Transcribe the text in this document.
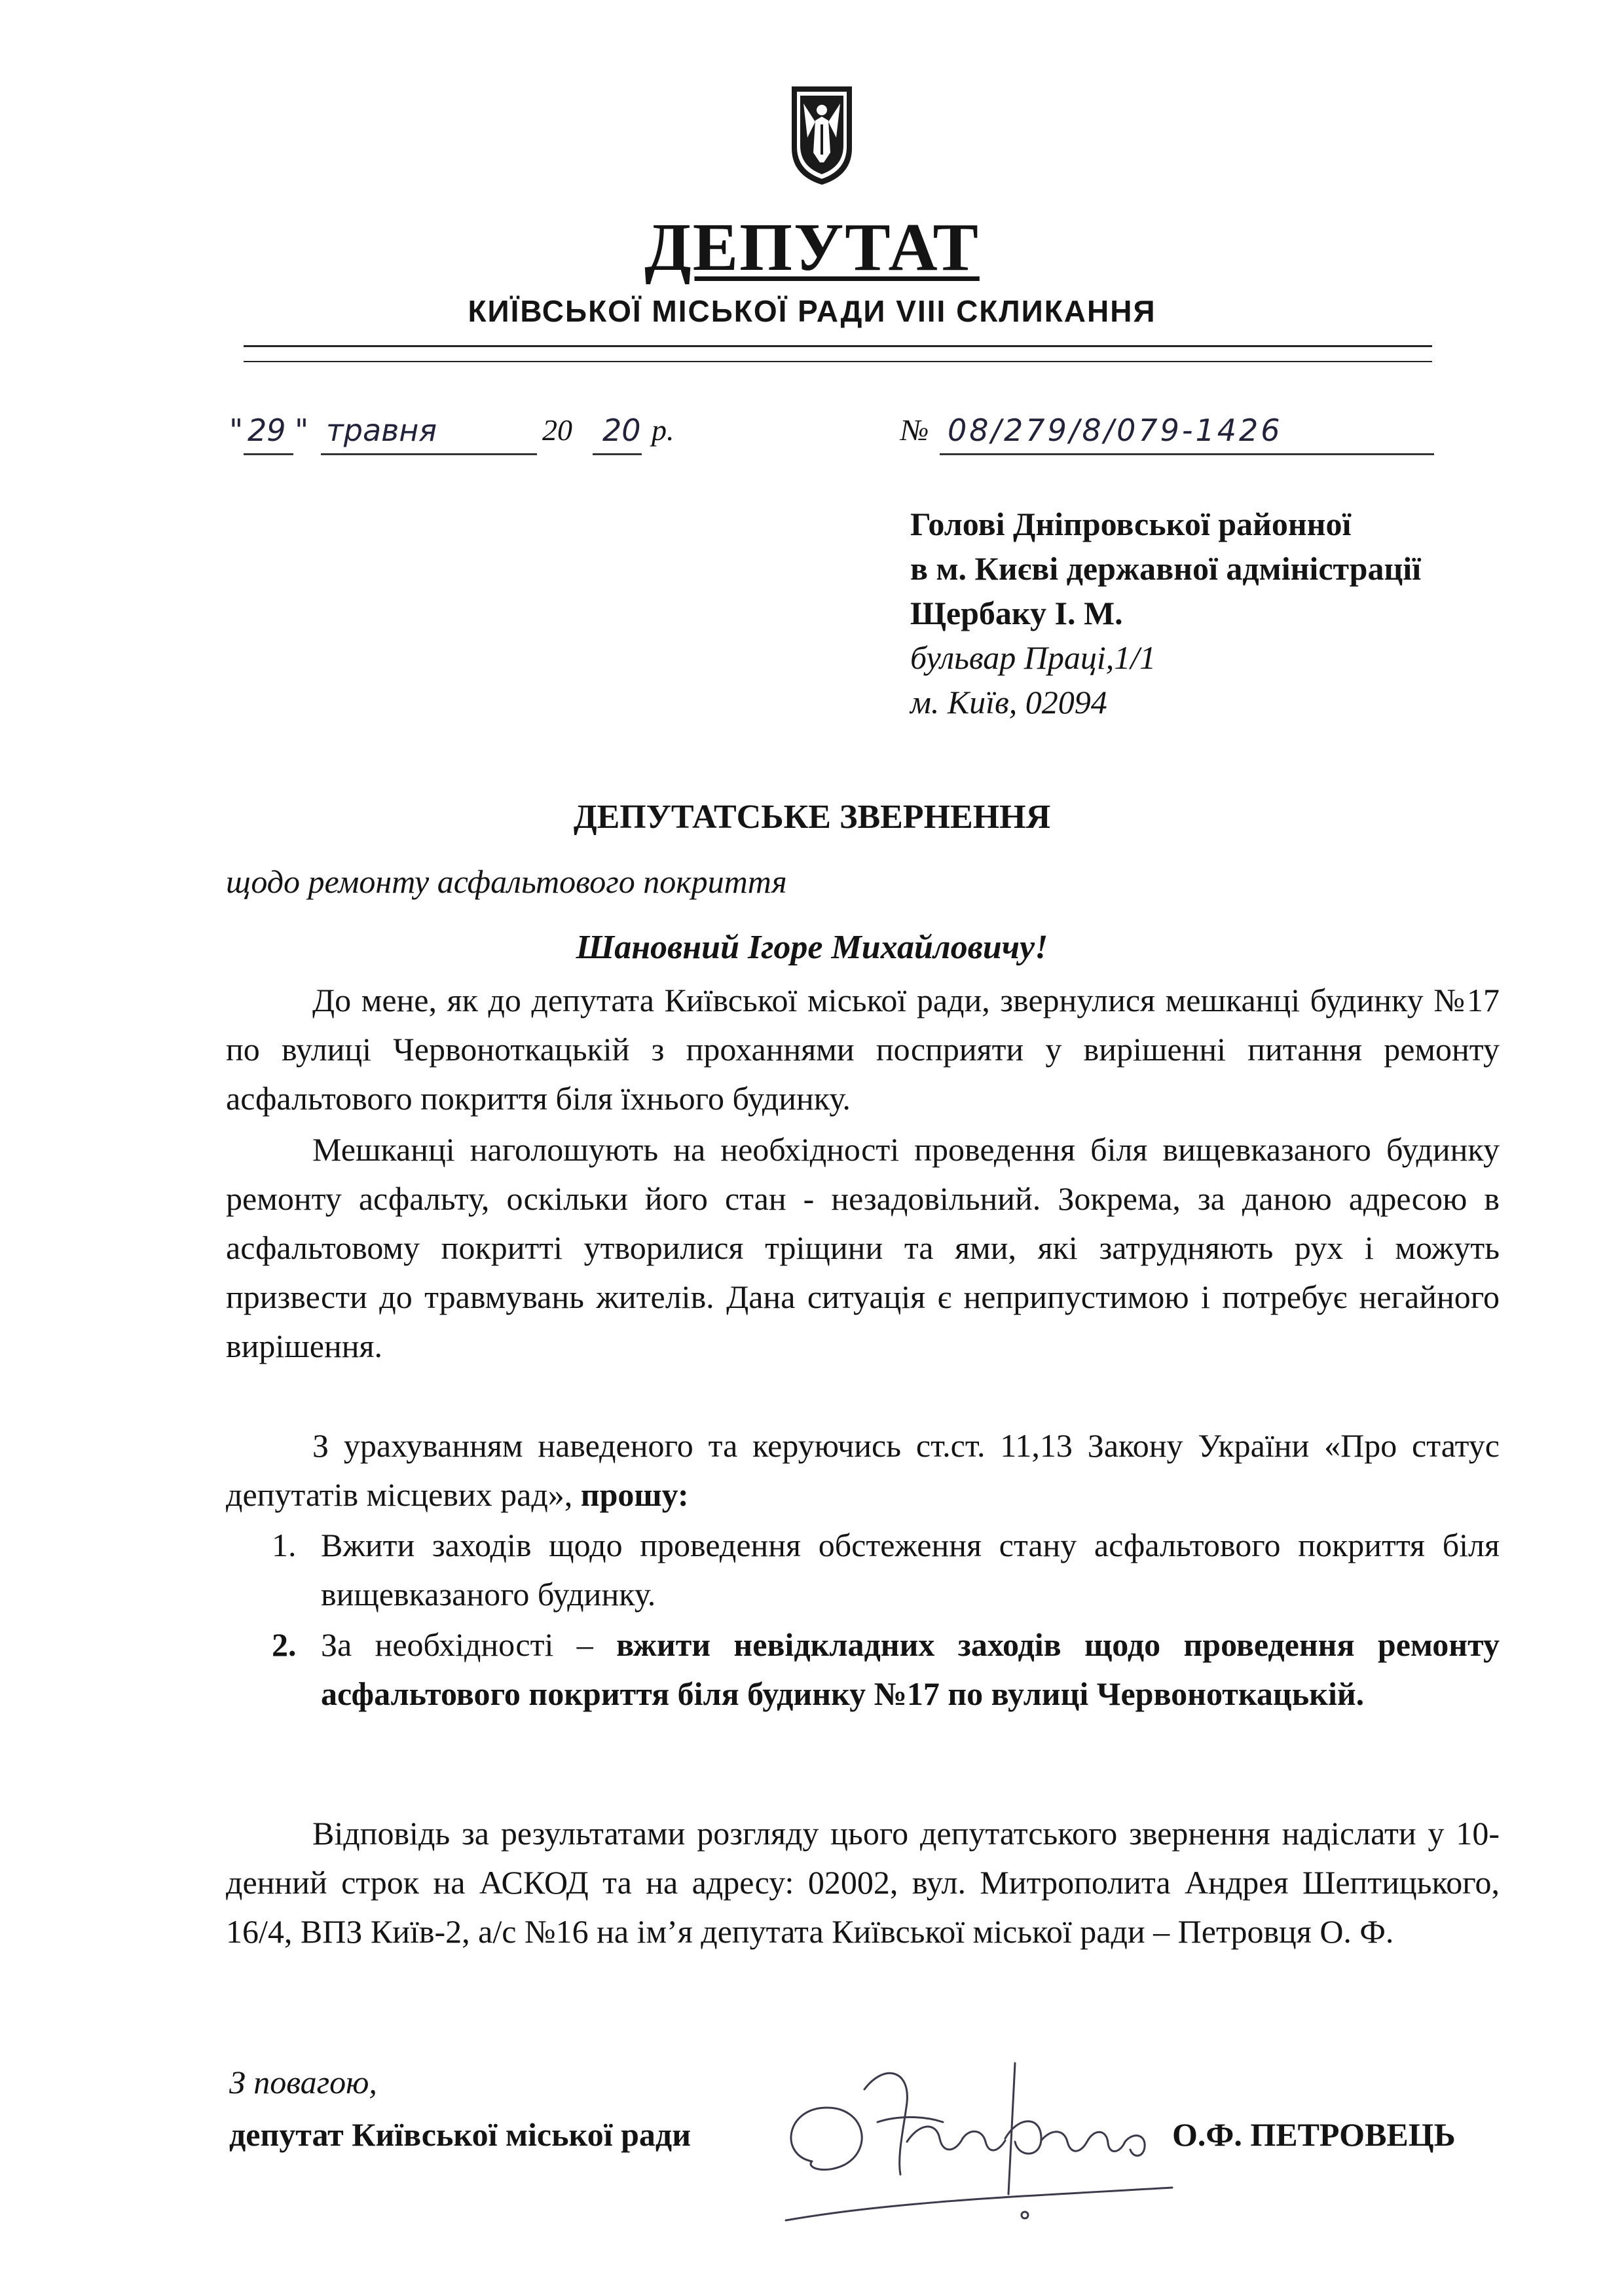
ДЕПУТАТ
КИЇВСЬКОЇ МІСЬКОЇ РАДИ VIII СКЛИКАННЯ
" 29 " травня	20 20 р.	№ 08/279/8/079-1426
Голові Дніпровської районної
в м. Києві державної адміністрації
Щербаку І. М.
бульвар Праці,1/1
м. Київ, 02094
ДЕПУТАТСЬКЕ ЗВЕРНЕННЯ
щодо ремонту асфальтового покриття
Шановний Ігоре Михайловичу!

До мене, як до депутата Київської міської ради, звернулися мешканці будинку №17 по вулиці Червоноткацькій з проханнями посприяти у вирішенні питання ремонту асфальтового покриття біля їхнього будинку.

Мешканці наголошують на необхідності проведення біля вищевказаного будинку ремонту асфальту, оскільки його стан - незадовільний. Зокрема, за даною адресою в асфальтовому покритті утворилися тріщини та ями, які затрудняють рух і можуть призвести до травмувань жителів. Дана ситуація є неприпустимою і потребує негайного вирішення.

З урахуванням наведеного та керуючись ст.ст. 11,13 Закону України «Про статус депутатів місцевих рад», прошу:

1. Вжити заходів щодо проведення обстеження стану асфальтового покриття біля вищевказаного будинку.

2. За необхідності – вжити невідкладних заходів щодо проведення ремонту асфальтового покриття біля будинку №17 по вулиці Червоноткацькій.

Відповідь за результатами розгляду цього депутатського звернення надіслати у 10-денний строк на АСКОД та на адресу: 02002, вул. Митрополита Андрея Шептицького, 16/4, ВПЗ Київ-2, а/с №16 на ім’я депутата Київської міської ради – Петровця О. Ф.

З повагою,
депутат Київської міської ради	О.Ф. ПЕТРОВЕЦЬ
